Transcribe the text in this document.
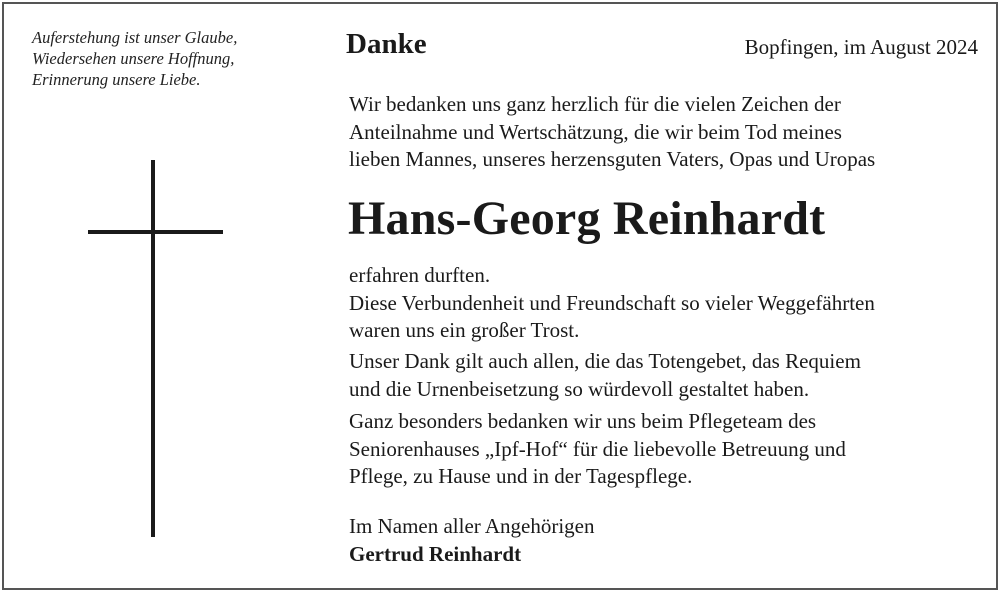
Auferstehung ist unser Glaube,
Wiedersehen unsere Hoffnung,
Erinnerung unsere Liebe.
Danke	Bopfingen, im August 2024
Wir bedanken uns ganz herzlich für die vielen Zeichen der
Anteilnahme und Wertschätzung, die wir beim Tod meines
lieben Mannes, unseres herzensguten Vaters, Opas und Uropas
Hans-Georg Reinhardt
erfahren durften.
Diese Verbundenheit und Freundschaft so vieler Weggefährten
waren uns ein großer Trost.
Unser Dank gilt auch allen, die das Totengebet, das Requiem
und die Urnenbeisetzung so würdevoll gestaltet haben.
Ganz besonders bedanken wir uns beim Pflegeteam des
Seniorenhauses „Ipf-Hof“ für die liebevolle Betreuung und
Pflege, zu Hause und in der Tagespflege.
Im Namen aller Angehörigen
Gertrud Reinhardt
